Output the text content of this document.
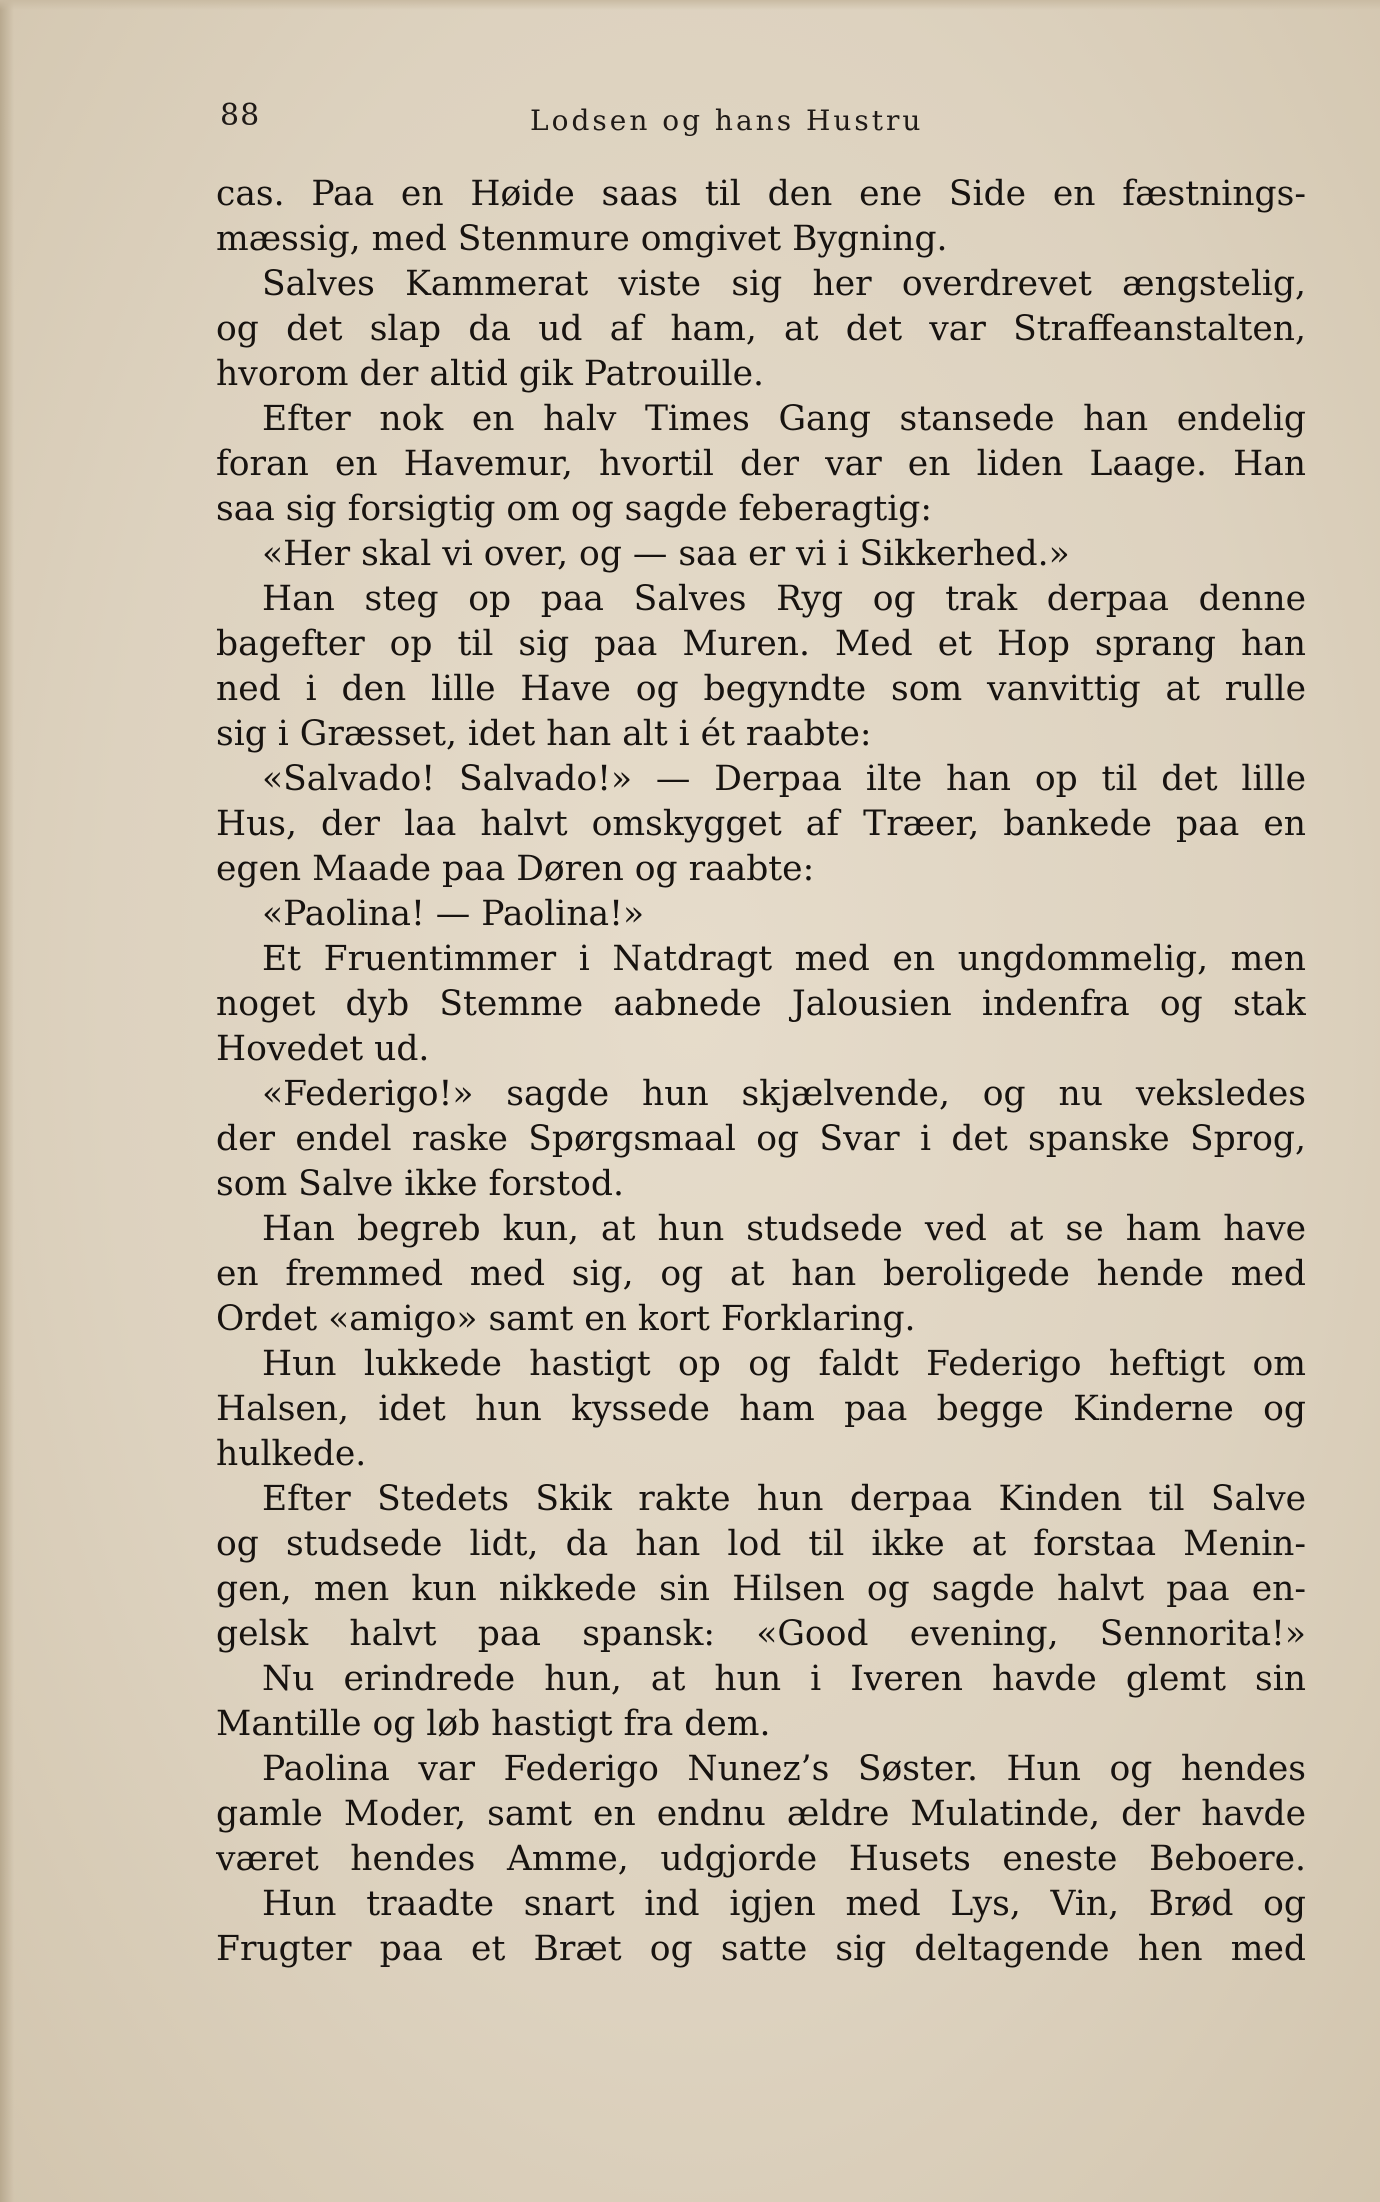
88	Lodsen og hans Hustru
cas. Paa en Høide saas til den ene Side en fæstnings-
mæssig, med Stenmure omgivet Bygning.
Salves Kammerat viste sig her overdrevet ængstelig,
og det slap da ud af ham, at det var Straffeanstalten,
hvorom der altid gik Patrouille.
Efter nok en halv Times Gang stansede han endelig
foran en Havemur, hvortil der var en liden Laage. Han
saa sig forsigtig om og sagde feberagtig:
«Her skal vi over, og — saa er vi i Sikkerhed.»
Han steg op paa Salves Ryg og trak derpaa denne
bagefter op til sig paa Muren. Med et Hop sprang han
ned i den lille Have og begyndte som vanvittig at rulle
sig i Græsset, idet han alt i ét raabte:
«Salvado! Salvado!» — Derpaa ilte han op til det lille
Hus, der laa halvt omskygget af Træer, bankede paa en
egen Maade paa Døren og raabte:
«Paolina! — Paolina!»
Et Fruentimmer i Natdragt med en ungdommelig, men
noget dyb Stemme aabnede Jalousien indenfra og stak
Hovedet ud.
«Federigo!» sagde hun skjælvende, og nu veksledes
der endel raske Spørgsmaal og Svar i det spanske Sprog,
som Salve ikke forstod.
Han begreb kun, at hun studsede ved at se ham have
en fremmed med sig, og at han beroligede hende med
Ordet «amigo» samt en kort Forklaring.
Hun lukkede hastigt op og faldt Federigo heftigt om
Halsen, idet hun kyssede ham paa begge Kinderne og
hulkede.
Efter Stedets Skik rakte hun derpaa Kinden til Salve
og studsede lidt, da han lod til ikke at forstaa Menin-
gen, men kun nikkede sin Hilsen og sagde halvt paa en-
gelsk halvt paa spansk: «Good evening, Sennorita!»
Nu erindrede hun, at hun i Iveren havde glemt sin
Mantille og løb hastigt fra dem.
Paolina var Federigo Nunez’s Søster. Hun og hendes
gamle Moder, samt en endnu ældre Mulatinde, der havde
været hendes Amme, udgjorde Husets eneste Beboere.
Hun traadte snart ind igjen med Lys, Vin, Brød og
Frugter paa et Bræt og satte sig deltagende hen med
